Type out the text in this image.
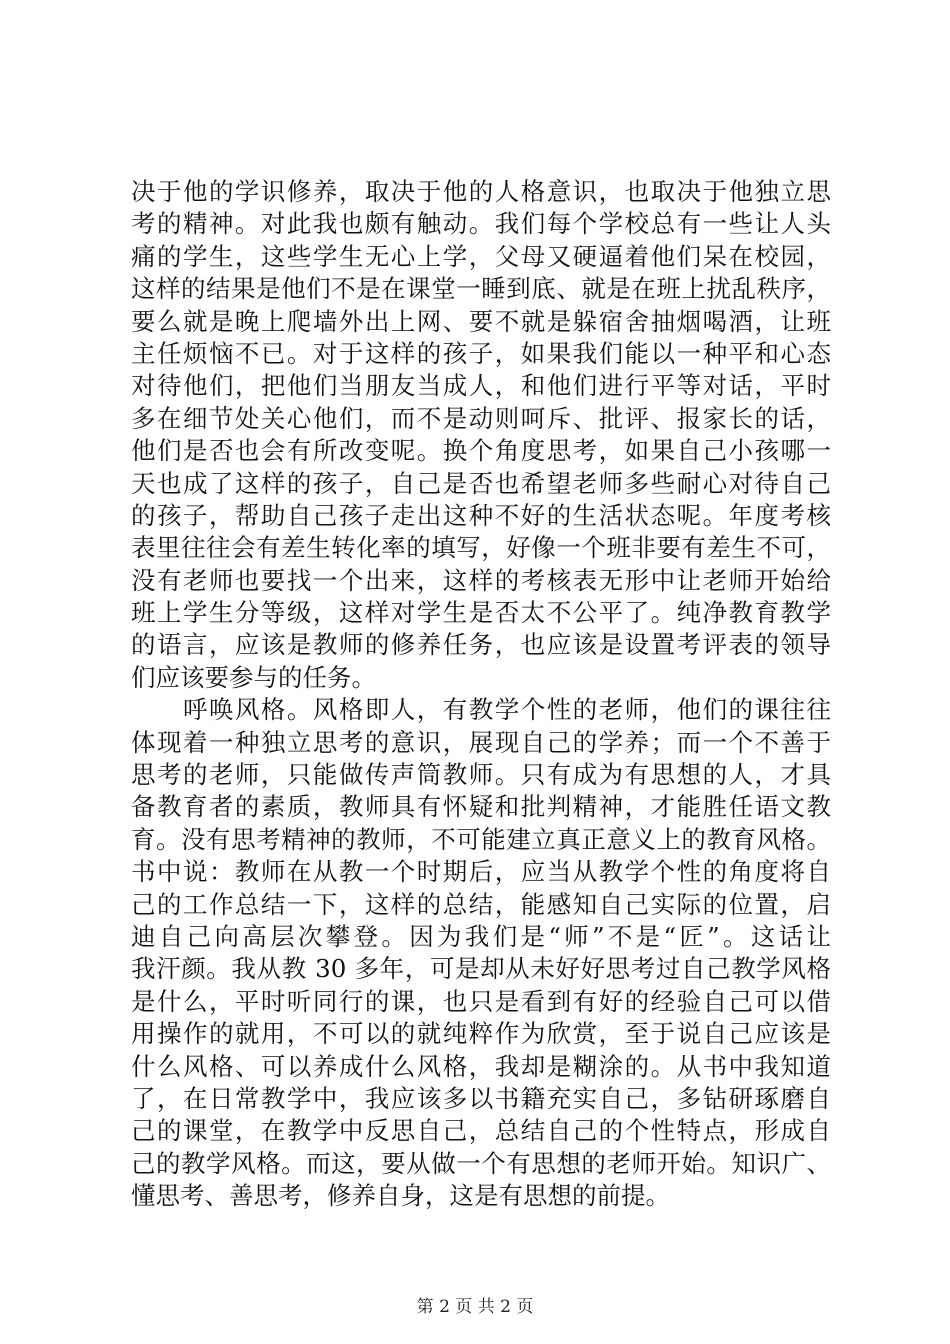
决于他的学识修养，取决于他的人格意识，也取决于他独立思
考的精神。对此我也颇有触动。我们每个学校总有一些让人头
痛的学生，这些学生无心上学，父母又硬逼着他们呆在校园，
这样的结果是他们不是在课堂一睡到底、就是在班上扰乱秩序，
要么就是晚上爬墙外出上网、要不就是躲宿舍抽烟喝酒，让班
主任烦恼不已。对于这样的孩子，如果我们能以一种平和心态
对待他们，把他们当朋友当成人，和他们进行平等对话，平时
多在细节处关心他们，而不是动则呵斥、批评、报家长的话，
他们是否也会有所改变呢。换个角度思考，如果自己小孩哪一
天也成了这样的孩子，自己是否也希望老师多些耐心对待自己
的孩子，帮助自己孩子走出这种不好的生活状态呢。年度考核
表里往往会有差生转化率的填写，好像一个班非要有差生不可，
没有老师也要找一个出来，这样的考核表无形中让老师开始给
班上学生分等级，这样对学生是否太不公平了。纯净教育教学
的语言，应该是教师的修养任务，也应该是设置考评表的领导
们应该要参与的任务。
呼唤风格。风格即人，有教学个性的老师，他们的课往往
体现着一种独立思考的意识，展现自己的学养；而一个不善于
思考的老师，只能做传声筒教师。只有成为有思想的人，才具
备教育者的素质，教师具有怀疑和批判精神，才能胜任语文教
育。没有思考精神的教师，不可能建立真正意义上的教育风格。
书中说：教师在从教一个时期后，应当从教学个性的角度将自
己的工作总结一下，这样的总结，能感知自己实际的位置，启
迪自己向高层次攀登。因为我们是“师”不是“匠”。这话让
我汗颜。我从教 30 多年，可是却从未好好思考过自己教学风格
是什么，平时听同行的课，也只是看到有好的经验自己可以借
用操作的就用，不可以的就纯粹作为欣赏，至于说自己应该是
什么风格、可以养成什么风格，我却是糊涂的。从书中我知道
了，在日常教学中，我应该多以书籍充实自己，多钻研琢磨自
己的课堂，在教学中反思自己，总结自己的个性特点，形成自
己的教学风格。而这，要从做一个有思想的老师开始。知识广、
懂思考、善思考，修养自身，这是有思想的前提。
第 2 页 共 2 页
